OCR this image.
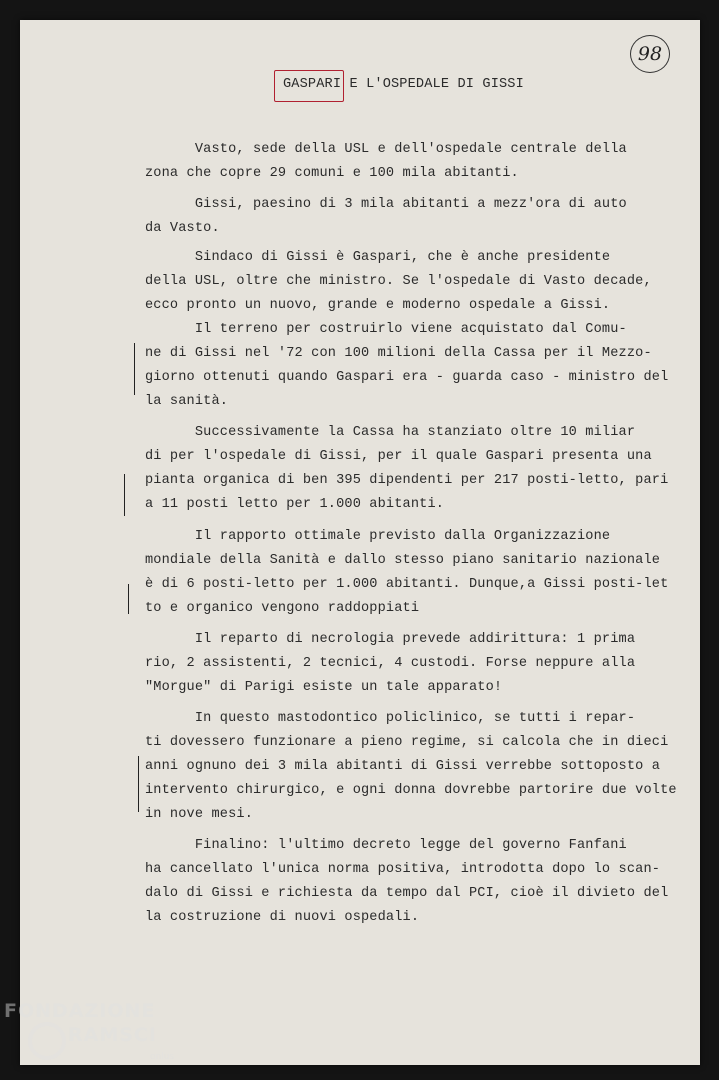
98
GASPARI E L'OSPEDALE DI GISSI
Vasto, sede della USL e dell'ospedale centrale della
zona che copre 29 comuni e 100 mila abitanti.
Gissi, paesino di 3 mila abitanti a mezz'ora di auto
da Vasto.
Sindaco di Gissi è Gaspari, che è anche presidente
della USL, oltre che ministro. Se l'ospedale di Vasto decade,
ecco pronto un nuovo, grande e moderno ospedale a Gissi.
Il terreno per costruirlo viene acquistato dal Comu-
ne di Gissi nel '72 con 100 milioni della Cassa per il Mezzo-
giorno ottenuti quando Gaspari era - guarda caso - ministro del
la sanità.
Successivamente la Cassa ha stanziato oltre 10 miliar
di per l'ospedale di Gissi, per il quale Gaspari presenta una
pianta organica di ben 395 dipendenti per 217 posti-letto, pari
a 11 posti letto per 1.000 abitanti.
Il rapporto ottimale previsto dalla Organizzazione
mondiale della Sanità e dallo stesso piano sanitario nazionale
è di 6 posti-letto per 1.000 abitanti. Dunque,a Gissi posti-let
to e organico vengono raddoppiati
Il reparto di necrologia prevede addirittura: 1 prima
rio, 2 assistenti, 2 tecnici, 4 custodi. Forse neppure alla
"Morgue" di Parigi esiste un tale apparato!
In questo mastodontico policlinico, se tutti i repar-
ti dovessero funzionare a pieno regime, si calcola che in dieci
anni ognuno dei 3 mila abitanti di Gissi verrebbe sottoposto a
intervento chirurgico, e ogni donna dovrebbe partorire due volte
in nove mesi.
Finalino: l'ultimo decreto legge del governo Fanfani
ha cancellato l'unica norma positiva, introdotta dopo lo scan-
dalo di Gissi e richiesta da tempo dal PCI, cioè il divieto del
la costruzione di nuovi ospedali.
FONDAZIONE
RAMSCI
onlus
